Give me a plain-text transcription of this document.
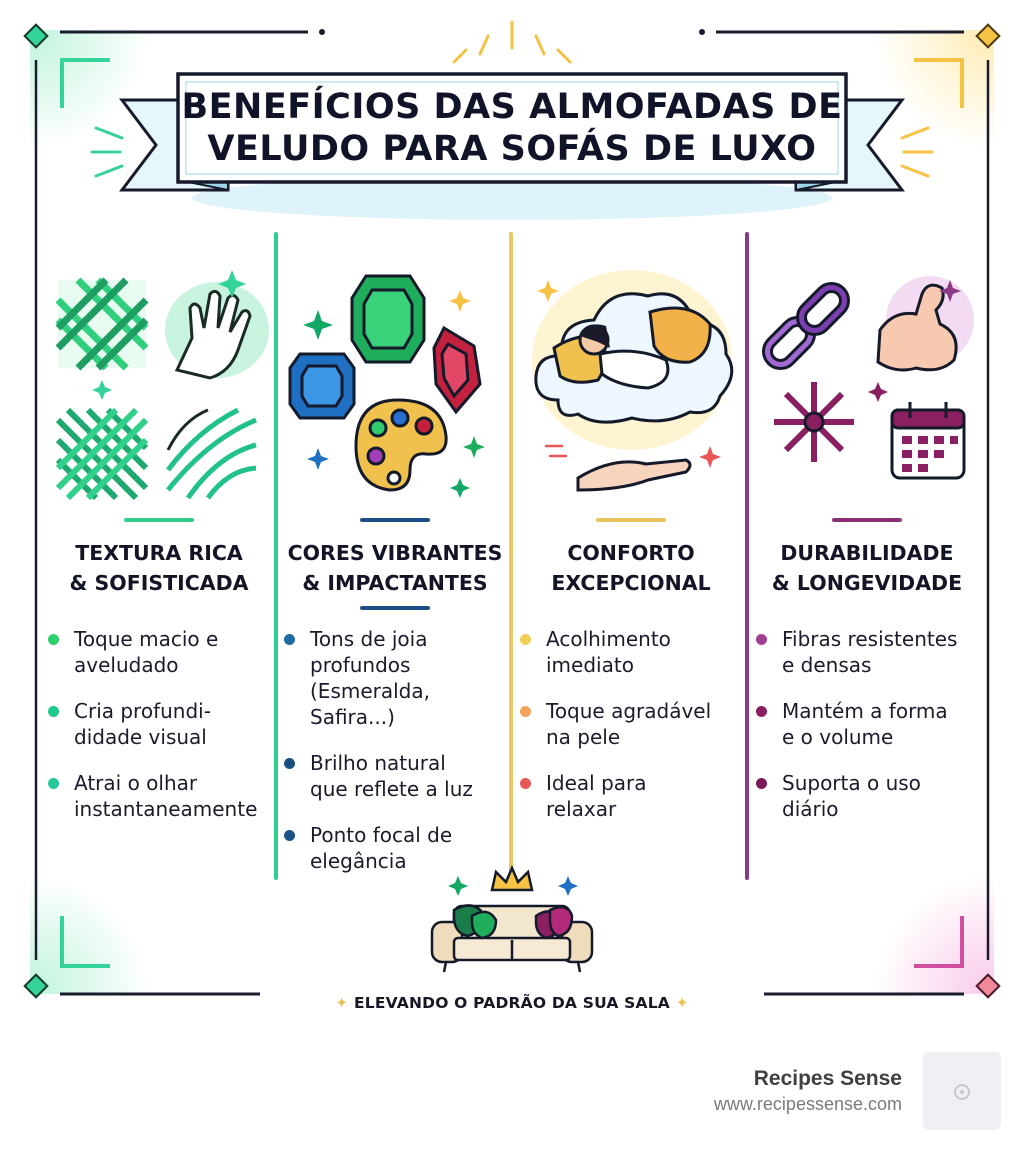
BENEFÍCIOS DAS ALMOFADAS DE
VELUDO PARA SOFÁS DE LUXO
TEXTURA RICA
& SOFISTICADA
Toque macio e
aveludado
Cria profundi-
didade visual
Atrai o olhar
instantaneamente
CORES VIBRANTES
& IMPACTANTES
Tons de joia
profundos
(Esmeralda,
Safira...)
Brilho natural
que reflete a luz
Ponto focal de
elegância
CONFORTO
EXCEPCIONAL
Acolhimento
imediato
Toque agradável
na pele
Ideal para
relaxar
DURABILIDADE
& LONGEVIDADE
Fibras resistentes
e densas
Mantém a forma
e o volume
Suporta o uso
diário
✦ ELEVANDO O PADRÃO DA SUA SALA ✦
Recipes Sense
www.recipessense.com
